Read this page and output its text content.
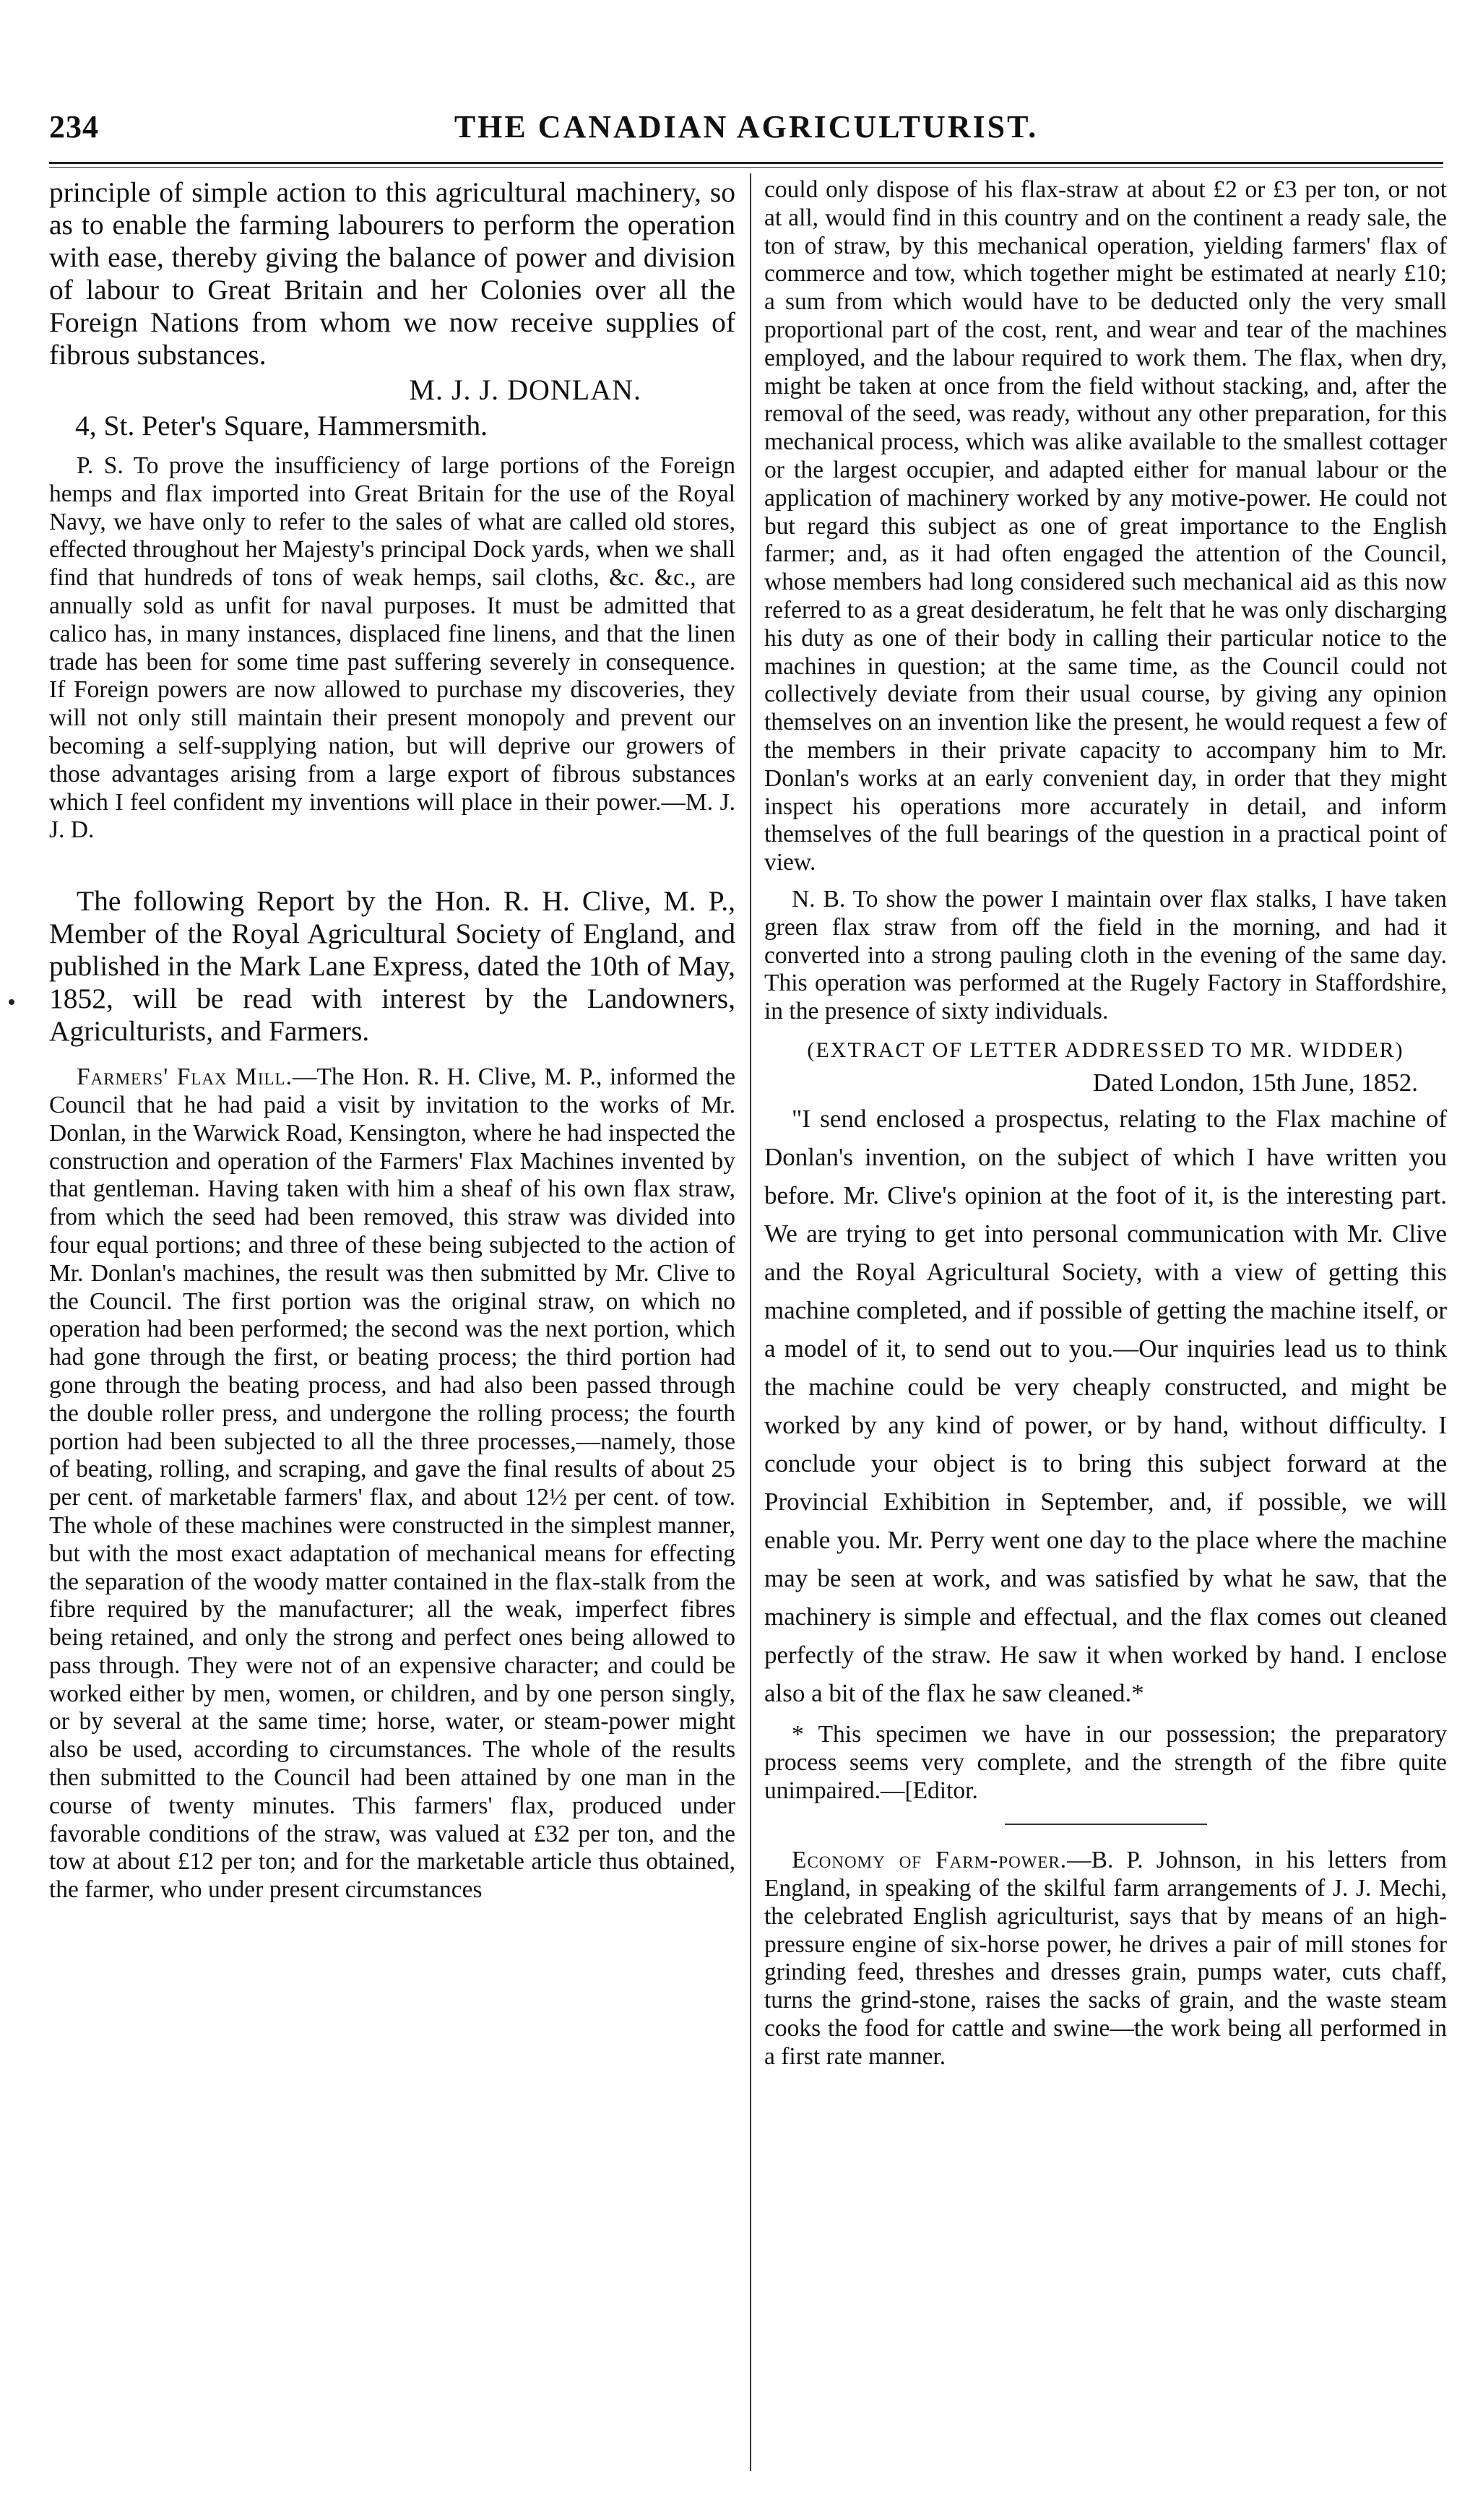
234	THE CANADIAN AGRICULTURIST.

principle of simple action to this agricultural machinery, so as to enable the farming labourers to perform the operation with ease, thereby giving the balance of power and division of labour to Great Britain and her Colonies over all the Foreign Nations from whom we now receive supplies of fibrous substances.

M. J. J. DONLAN.
4, St. Peter's Square, Hammersmith.

P. S. To prove the insufficiency of large portions of the Foreign hemps and flax imported into Great Britain for the use of the Royal Navy, we have only to refer to the sales of what are called old stores, effected throughout her Majesty's principal Dock yards, when we shall find that hundreds of tons of weak hemps, sail cloths, &c. &c., are annually sold as unfit for naval purposes. It must be admitted that calico has, in many instances, displaced fine linens, and that the linen trade has been for some time past suffering severely in consequence. If Foreign powers are now allowed to purchase my discoveries, they will not only still maintain their present monopoly and prevent our becoming a self-supplying nation, but will deprive our growers of those advantages arising from a large export of fibrous substances which I feel confident my inventions will place in their power.—M. J. J. D.

The following Report by the Hon. R. H. Clive, M. P., Member of the Royal Agricultural Society of England, and published in the Mark Lane Express, dated the 10th of May, 1852, will be read with interest by the Landowners, Agriculturists, and Farmers.

Farmers' Flax Mill.—The Hon. R. H. Clive, M. P., informed the Council that he had paid a visit by invitation to the works of Mr. Donlan, in the Warwick Road, Kensington, where he had inspected the construction and operation of the Farmers' Flax Machines invented by that gentleman. Having taken with him a sheaf of his own flax straw, from which the seed had been removed, this straw was divided into four equal portions; and three of these being subjected to the action of Mr. Donlan's machines, the result was then submitted by Mr. Clive to the Council. The first portion was the original straw, on which no operation had been performed; the second was the next portion, which had gone through the first, or beating process; the third portion had gone through the beating process, and had also been passed through the double roller press, and undergone the rolling process; the fourth portion had been subjected to all the three processes,—namely, those of beating, rolling, and scraping, and gave the final results of about 25 per cent. of marketable farmers' flax, and about 12½ per cent. of tow. The whole of these machines were constructed in the simplest manner, but with the most exact adaptation of mechanical means for effecting the separation of the woody matter contained in the flax-stalk from the fibre required by the manufacturer; all the weak, imperfect fibres being retained, and only the strong and perfect ones being allowed to pass through. They were not of an expensive character; and could be worked either by men, women, or children, and by one person singly, or by several at the same time; horse, water, or steam-power might also be used, according to circumstances. The whole of the results then submitted to the Council had been attained by one man in the course of twenty minutes. This farmers' flax, produced under favorable conditions of the straw, was valued at £32 per ton, and the tow at about £12 per ton; and for the marketable article thus obtained, the farmer, who under present circumstances

could only dispose of his flax-straw at about £2 or £3 per ton, or not at all, would find in this country and on the continent a ready sale, the ton of straw, by this mechanical operation, yielding farmers' flax of commerce and tow, which together might be estimated at nearly £10; a sum from which would have to be deducted only the very small proportional part of the cost, rent, and wear and tear of the machines employed, and the labour required to work them. The flax, when dry, might be taken at once from the field without stacking, and, after the removal of the seed, was ready, without any other preparation, for this mechanical process, which was alike available to the smallest cottager or the largest occupier, and adapted either for manual labour or the application of machinery worked by any motive-power. He could not but regard this subject as one of great importance to the English farmer; and, as it had often engaged the attention of the Council, whose members had long considered such mechanical aid as this now referred to as a great desideratum, he felt that he was only discharging his duty as one of their body in calling their particular notice to the machines in question; at the same time, as the Council could not collectively deviate from their usual course, by giving any opinion themselves on an invention like the present, he would request a few of the members in their private capacity to accompany him to Mr. Donlan's works at an early convenient day, in order that they might inspect his operations more accurately in detail, and inform themselves of the full bearings of the question in a practical point of view.

N. B. To show the power I maintain over flax stalks, I have taken green flax straw from off the field in the morning, and had it converted into a strong pauling cloth in the evening of the same day. This operation was performed at the Rugely Factory in Staffordshire, in the presence of sixty individuals.

(EXTRACT OF LETTER ADDRESSED TO MR. WIDDER)
Dated London, 15th June, 1852.

"I send enclosed a prospectus, relating to the Flax machine of Donlan's invention, on the subject of which I have written you before. Mr. Clive's opinion at the foot of it, is the interesting part. We are trying to get into personal communication with Mr. Clive and the Royal Agricultural Society, with a view of getting this machine completed, and if possible of getting the machine itself, or a model of it, to send out to you.—Our inquiries lead us to think the machine could be very cheaply constructed, and might be worked by any kind of power, or by hand, without difficulty. I conclude your object is to bring this subject forward at the Provincial Exhibition in September, and, if possible, we will enable you. Mr. Perry went one day to the place where the machine may be seen at work, and was satisfied by what he saw, that the machinery is simple and effectual, and the flax comes out cleaned perfectly of the straw. He saw it when worked by hand. I enclose also a bit of the flax he saw cleaned.*

* This specimen we have in our possession; the preparatory process seems very complete, and the strength of the fibre quite unimpaired.—[Editor.

Economy of Farm-power.—B. P. Johnson, in his letters from England, in speaking of the skilful farm arrangements of J. J. Mechi, the celebrated English agriculturist, says that by means of an high-pressure engine of six-horse power, he drives a pair of mill stones for grinding feed, threshes and dresses grain, pumps water, cuts chaff, turns the grind-stone, raises the sacks of grain, and the waste steam cooks the food for cattle and swine—the work being all performed in a first rate manner.
